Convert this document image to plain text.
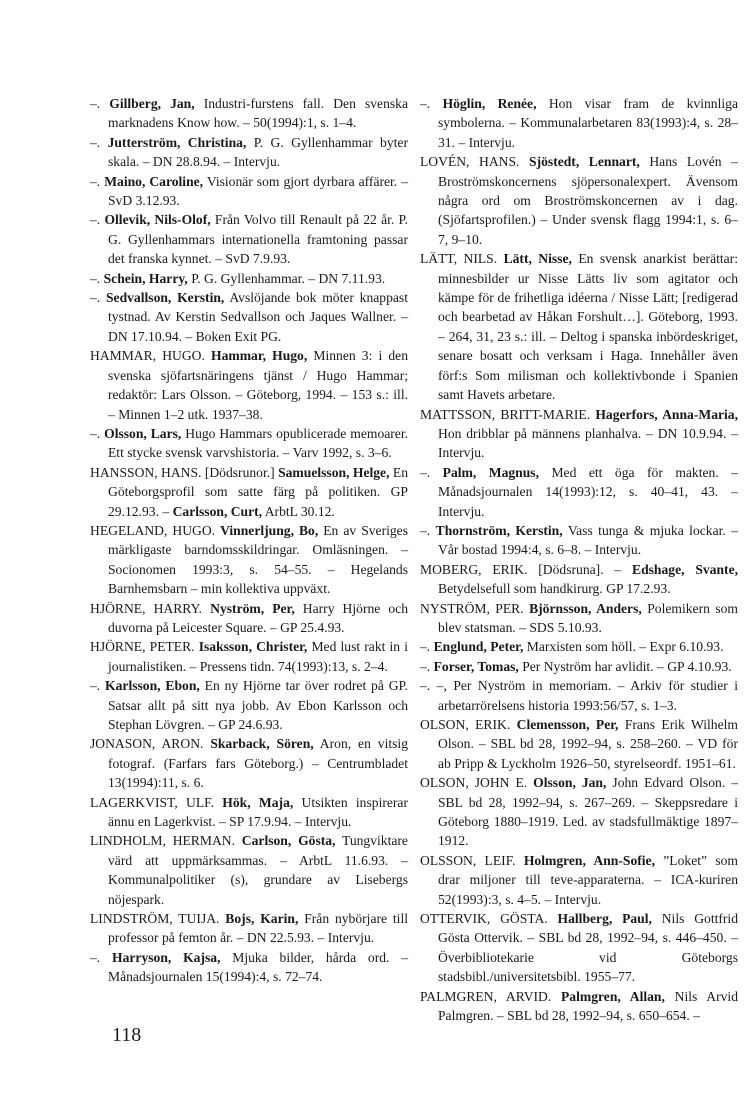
–. Gillberg, Jan, Industri-furstens fall. Den svenska marknadens Know how. – 50(1994):1, s. 1–4.
–. Jutterström, Christina, P. G. Gyllenhammar byter skala. – DN 28.8.94. – Intervju.
–. Maino, Caroline, Visionär som gjort dyrbara affärer. – SvD 3.12.93.
–. Ollevik, Nils-Olof, Från Volvo till Renault på 22 år. P. G. Gyllenhammars internationella framtoning passar det franska kynnet. – SvD 7.9.93.
–. Schein, Harry, P. G. Gyllenhammar. – DN 7.11.93.
–. Sedvallson, Kerstin, Avslöjande bok möter knappast tystnad. Av Kerstin Sedvallson och Jaques Wallner. – DN 17.10.94. – Boken Exit PG.
HAMMAR, HUGO. Hammar, Hugo, Minnen 3: i den svenska sjöfartsnäringens tjänst / Hugo Hammar; redaktör: Lars Olsson. – Göteborg, 1994. – 153 s.: ill. – Minnen 1–2 utk. 1937–38.
–. Olsson, Lars, Hugo Hammars opublicerade memoarer. Ett stycke svensk varvshistoria. – Varv 1992, s. 3–6.
HANSSON, HANS. [Dödsrunor.] Samuelsson, Helge, En Göteborgsprofil som satte färg på politiken. GP 29.12.93. – Carlsson, Curt, ArbtL 30.12.
HEGELAND, HUGO. Vinnerljung, Bo, En av Sveriges märkligaste barndomsskildringar. Omläsningen. – Socionomen 1993:3, s. 54–55. – Hegelands Barnhemsbarn – min kollektiva uppväxt.
HJÖRNE, HARRY. Nyström, Per, Harry Hjörne och duvorna på Leicester Square. – GP 25.4.93.
HJÖRNE, PETER. Isaksson, Christer, Med lust rakt in i journalistiken. – Pressens tidn. 74(1993):13, s. 2–4.
–. Karlsson, Ebon, En ny Hjörne tar över rodret på GP. Satsar allt på sitt nya jobb. Av Ebon Karlsson och Stephan Lövgren. – GP 24.6.93.
JONASON, ARON. Skarback, Sören, Aron, en vitsig fotograf. (Farfars fars Göteborg.) – Centrumbladet 13(1994):11, s. 6.
LAGERKVIST, ULF. Hök, Maja, Utsikten inspirerar ännu en Lagerkvist. – SP 17.9.94. – Intervju.
LINDHOLM, HERMAN. Carlson, Gösta, Tungviktare värd att uppmärksammas. – ArbtL 11.6.93. – Kommunalpolitiker (s), grundare av Lisebergs nöjespark.
LINDSTRÖM, TUIJA. Bojs, Karin, Från nybörjare till professor på femton år. – DN 22.5.93. – Intervju.
–. Harryson, Kajsa, Mjuka bilder, hårda ord. – Månadsjournalen 15(1994):4, s. 72–74.
–. Höglin, Renée, Hon visar fram de kvinnliga symbolerna. – Kommunalarbetaren 83(1993):4, s. 28–31. – Intervju.
LOVÉN, HANS. Sjöstedt, Lennart, Hans Lovén – Broströmskoncernens sjöpersonalexpert. Ävensom några ord om Broströmskoncernen av i dag. (Sjöfartsprofilen.) – Under svensk flagg 1994:1, s. 6–7, 9–10.
LÄTT, NILS. Lätt, Nisse, En svensk anarkist berättar: minnesbilder ur Nisse Lätts liv som agitator och kämpe för de frihetliga idéerna / Nisse Lätt; [redigerad och bearbetad av Håkan Forshult…]. Göteborg, 1993. – 264, 31, 23 s.: ill. – Deltog i spanska inbördeskriget, senare bosatt och verksam i Haga. Innehåller även förf:s Som milisman och kollektivbonde i Spanien samt Havets arbetare.
MATTSSON, BRITT-MARIE. Hagerfors, Anna-Maria, Hon dribblar på männens planhalva. – DN 10.9.94. – Intervju.
–. Palm, Magnus, Med ett öga för makten. – Månadsjournalen 14(1993):12, s. 40–41, 43. – Intervju.
–. Thornström, Kerstin, Vass tunga & mjuka lockar. – Vår bostad 1994:4, s. 6–8. – Intervju.
MOBERG, ERIK. [Dödsruna]. – Edshage, Svante, Betydelsefull som handkirurg. GP 17.2.93.
NYSTRÖM, PER. Björnsson, Anders, Polemikern som blev statsman. – SDS 5.10.93.
–. Englund, Peter, Marxisten som höll. – Expr 6.10.93.
–. Forser, Tomas, Per Nyström har avlidit. – GP 4.10.93.
–. –, Per Nyström in memoriam. – Arkiv för studier i arbetarrörelsens historia 1993:56/57, s. 1–3.
OLSON, ERIK. Clemensson, Per, Frans Erik Wilhelm Olson. – SBL bd 28, 1992–94, s. 258–260. – VD för ab Pripp & Lyckholm 1926–50, styrelseordf. 1951–61.
OLSON, JOHN E. Olsson, Jan, John Edvard Olson. – SBL bd 28, 1992–94, s. 267–269. – Skeppsredare i Göteborg 1880–1919. Led. av stadsfullmäktige 1897–1912.
OLSSON, LEIF. Holmgren, Ann-Sofie, ”Loket” som drar miljoner till teve-apparaterna. – ICA-kuriren 52(1993):3, s. 4–5. – Intervju.
OTTERVIK, GÖSTA. Hallberg, Paul, Nils Gottfrid Gösta Ottervik. – SBL bd 28, 1992–94, s. 446–450. – Överbibliotekarie vid Göteborgs stadsbibl./universitetsbibl. 1955–77.
PALMGREN, ARVID. Palmgren, Allan, Nils Arvid Palmgren. – SBL bd 28, 1992–94, s. 650–654. –
118
